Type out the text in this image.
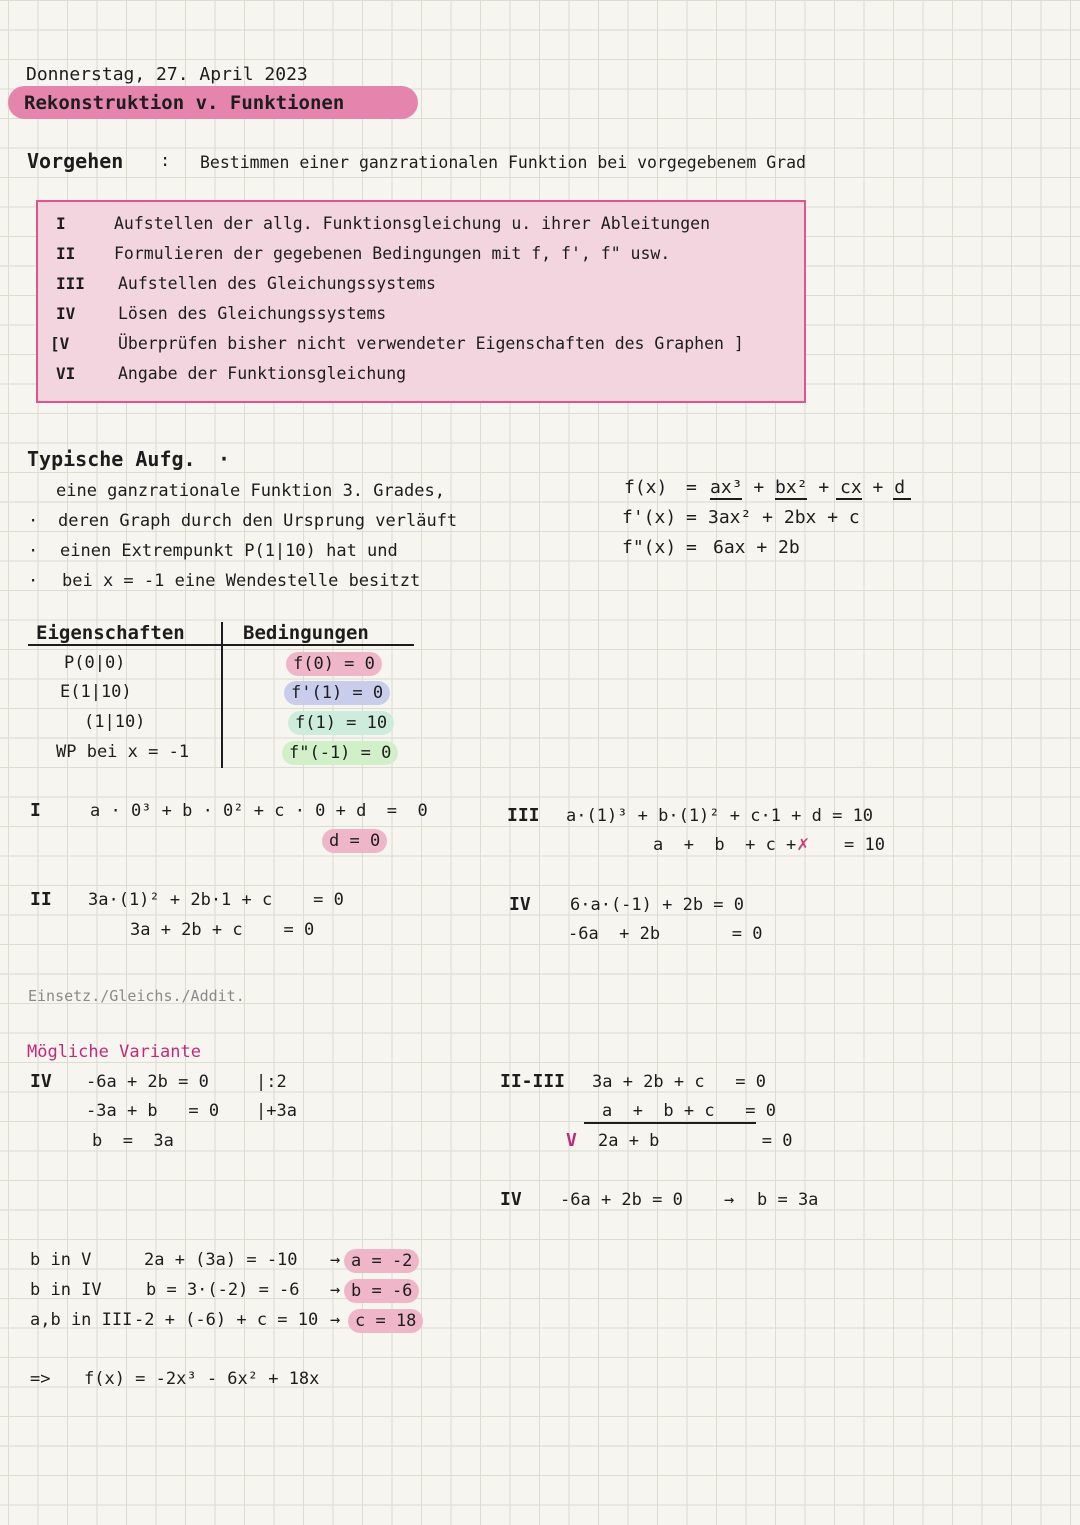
Donnerstag, 27. April 2023
Rekonstruktion v. Funktionen
Vorgehen : Bestimmen einer ganzrationalen Funktion bei vorgegebenem Grad
I	Aufstellen der allg. Funktionsgleichung u. ihrer Ableitungen
II Formulieren der gegebenen Bedingungen mit f, f', f" usw.
III Aufstellen des Gleichungssystems
IV	Lösen des Gleichungssystems
[V	Überprüfen bisher nicht verwendeter Eigenschaften des Graphen ]
VI	Angabe der Funktionsgleichung
Typische Aufg. ·
eine ganzrationale Funktion 3. Grades,
· deren Graph durch den Ursprung verläuft
· einen Extrempunkt P(1|10) hat und
· bei x = -1 eine Wendestelle besitzt
f(x) = ax³ + bx² + cx + d
f'(x) = 3ax² + 2bx + c
f"(x) = 6ax + 2b
Eigenschaften	Bedingungen
P(0|0)	f(0) = 0
E(1|10)	f'(1) = 0
(1|10)	f(1) = 10
WP bei x = -1	f"(-1) = 0
I	a · 0³ + b · 0² + c · 0 + d  =  0
d = 0
II 3a·(1)² + 2b·1 + c    = 0
3a + 2b + c    = 0
III a·(1)³ + b·(1)² + c·1 + d = 10
a  +  b  + c + ✗ = 10
IV 6·a·(-1) + 2b = 0
-6a  + 2b       = 0
Einsetz./Gleichs./Addit.
Mögliche Variante
IV -6a + 2b = 0	|:2
-3a + b   = 0 |+3a
b  =  3a
II-III 3a + 2b + c   = 0
a  +  b + c   = 0
V 2a + b          = 0
IV -6a + 2b = 0 → b = 3a
b in V	2a + (3a) = -10 → a = -2
b in IV	b = 3·(-2) = -6 → b = -6
a,b in III -2 + (-6) + c = 10 → c = 18
=> f(x) = -2x³ - 6x² + 18x
